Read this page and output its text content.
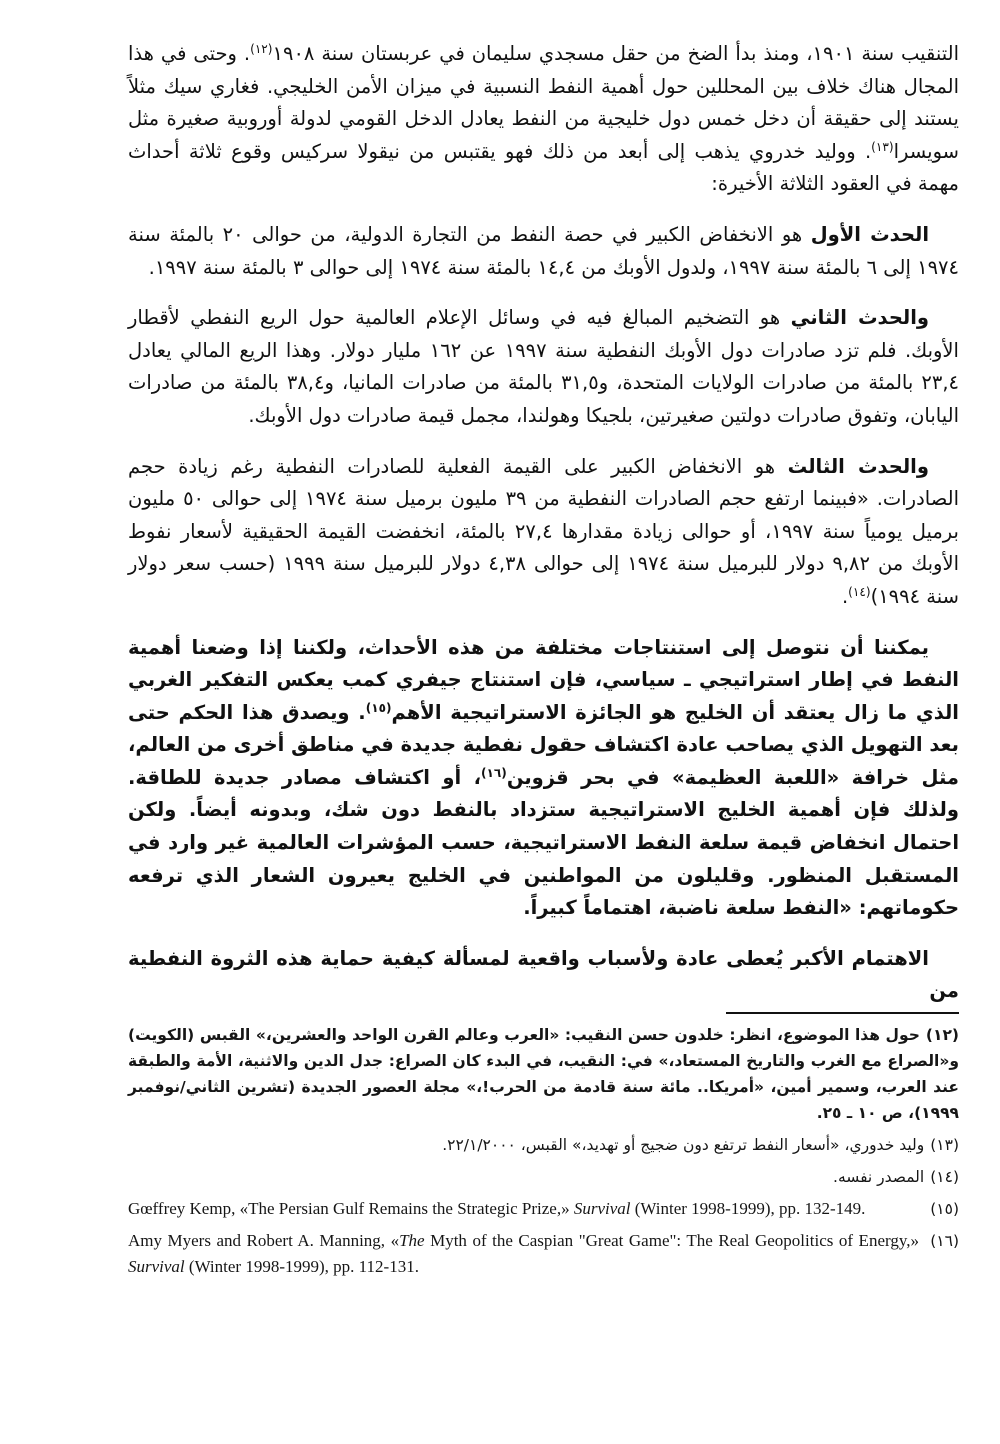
التنقيب سنة ١٩٠١، ومنذ بدأ الضخ من حقل مسجدي سليمان في عربستان سنة ١٩٠٨$^{(١٢)}$. وحتى في هذا المجال هناك خلاف بين المحللين حول أهمية النفط النسبية في ميزان الأمن الخليجي. فغاري سيك مثلاً يستند إلى حقيقة أن دخل خمس دول خليجية من النفط يعادل الدخل القومي لدولة أوروبية صغيرة مثل سويسرا$^{(١٣)}$. ووليد خدروي يذهب إلى أبعد من ذلك فهو يقتبس من نيقولا سركيس وقوع ثلاثة أحداث مهمة في العقود الثلاثة الأخيرة:

الحدث الأول هو الانخفاض الكبير في حصة النفط من التجارة الدولية، من حوالى ٢٠ بالمئة سنة ١٩٧٤ إلى ٦ بالمئة سنة ١٩٩٧، ولدول الأوبك من ١٤,٤ بالمئة سنة ١٩٧٤ إلى حوالى ٣ بالمئة سنة ١٩٩٧.

والحدث الثاني هو التضخيم المبالغ فيه في وسائل الإعلام العالمية حول الريع النفطي لأقطار الأوبك. فلم تزد صادرات دول الأوبك النفطية سنة ١٩٩٧ عن ١٦٢ مليار دولار. وهذا الريع المالي يعادل ٢٣,٤ بالمئة من صادرات الولايات المتحدة، و٣١,٥ بالمئة من صادرات المانيا، و٣٨,٤ بالمئة من صادرات اليابان، وتفوق صادرات دولتين صغيرتين، بلجيكا وهولندا، مجمل قيمة صادرات دول الأوبك.

والحدث الثالث هو الانخفاض الكبير على القيمة الفعلية للصادرات النفطية رغم زيادة حجم الصادرات. «فبينما ارتفع حجم الصادرات النفطية من ٣٩ مليون برميل سنة ١٩٧٤ إلى حوالى ٥٠ مليون برميل يومياً سنة ١٩٩٧، أو حوالى زيادة مقدارها ٢٧,٤ بالمئة، انخفضت القيمة الحقيقية لأسعار نفوط الأوبك من ٩,٨٢ دولار للبرميل سنة ١٩٧٤ إلى حوالى ٤,٣٨ دولار للبرميل سنة ١٩٩٩ (حسب سعر دولار سنة ١٩٩٤)$^{(١٤)}$.

يمكننا أن نتوصل إلى استنتاجات مختلفة من هذه الأحداث، ولكننا إذا وضعنا أهمية النفط في إطار استراتيجي ـ سياسي، فإن استنتاج جيفري كمب يعكس التفكير الغربي الذي ما زال يعتقد أن الخليج هو الجائزة الاستراتيجية الأهم$^{(١٥)}$. ويصدق هذا الحكم حتى بعد التهويل الذي يصاحب عادة اكتشاف حقول نفطية جديدة في مناطق أخرى من العالم، مثل خرافة «اللعبة العظيمة» في بحر قزوين$^{(١٦)}$، أو اكتشاف مصادر جديدة للطاقة. ولذلك فإن أهمية الخليج الاستراتيجية ستزداد بالنفط دون شك، وبدونه أيضاً. ولكن احتمال انخفاض قيمة سلعة النفط الاستراتيجية، حسب المؤشرات العالمية غير وارد في المستقبل المنظور. وقليلون من المواطنين في الخليج يعيرون الشعار الذي ترفعه حكوماتهم: «النفط سلعة ناضبة، اهتماماً كبيراً.

الاهتمام الأكبر يُعطى عادة ولأسباب واقعية لمسألة كيفية حماية هذه الثروة النفطية من

(١٢)حول هذا الموضوع، انظر: خلدون حسن النقيب: «العرب وعالم القرن الواحد والعشرين،» القبس (الكويت) و«الصراع مع الغرب والتاريخ المستعاد،» في: النقيب، في البدء كان الصراع: جدل الدين والاثنية، الأمة والطبقة عند العرب، وسمير أمين، «أمريكا.. مائة سنة قادمة من الحرب!،» مجلة العصور الجديدة (تشرين الثاني/نوفمبر ١٩٩٩)، ص ١٠ ـ ٢٥.

(١٣)وليد خدوري، «أسعار النفط ترتفع دون ضجيج أو تهديد،» القبس، ٢٢/١/٢٠٠٠.

(١٤)المصدر نفسه.

(١٥)
Gœffrey Kemp, «The Persian Gulf Remains the Strategic Prize,» Survival (Winter 1998-1999), pp. 132-149.

(١٦)
Amy Myers and Robert A. Manning, «The Myth of the Caspian "Great Game": The Real Geopolitics of Energy,» Survival (Winter 1998-1999), pp. 112-131.
